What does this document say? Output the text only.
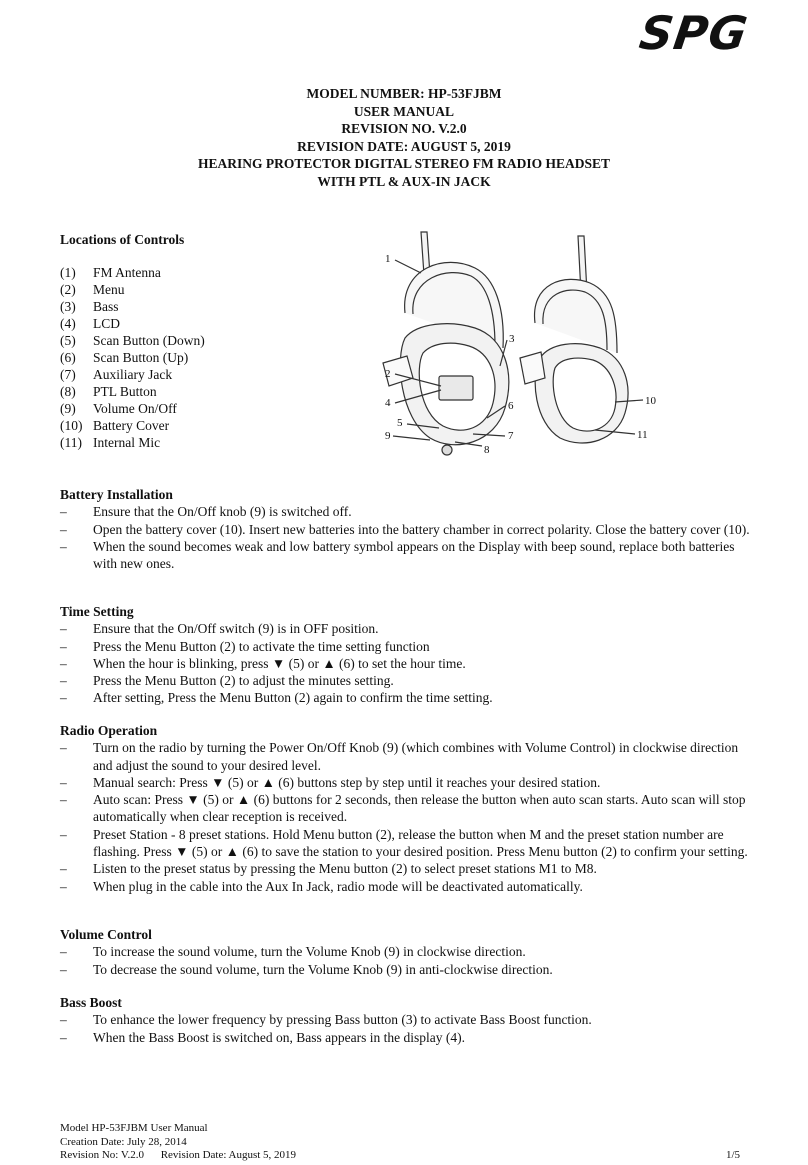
SPG
MODEL NUMBER: HP-53FJBM
USER MANUAL
REVISION NO. V.2.0
REVISION DATE: AUGUST 5, 2019
HEARING PROTECTOR DIGITAL STEREO FM RADIO HEADSET
WITH PTL & AUX-IN JACK
Locations of Controls
(1)	FM Antenna
(2)	Menu
(3)	Bass
(4)	LCD
(5)	Scan Button (Down)
(6)	Scan Button (Up)
(7)	Auxiliary Jack
(8)	PTL Button
(9)	Volume On/Off
(10) Battery Cover
(11) Internal Mic
1
2
3
4
5
6
7
8
9
10
11
Battery Installation
–	Ensure that the On/Off knob (9) is switched off.
–	Open the battery cover (10). Insert new batteries into the battery chamber in correct polarity. Close the battery cover (10).
–	When the sound becomes weak and low battery symbol appears on the Display with beep sound, replace both batteries with new ones.
Time Setting
–	Ensure that the On/Off switch (9) is in OFF position.
–	Press the Menu Button (2) to activate the time setting function
–	When the hour is blinking, press ▼ (5) or ▲ (6) to set the hour time.
–	Press the Menu Button (2) to adjust the minutes setting.
–	After setting, Press the Menu Button (2) again to confirm the time setting.
Radio Operation
–	Turn on the radio by turning the Power On/Off Knob (9) (which combines with Volume Control) in clockwise direction and adjust the sound to your desired level.
–	Manual search: Press ▼ (5) or ▲ (6) buttons step by step until it reaches your desired station.
–	Auto scan: Press ▼ (5) or ▲ (6) buttons for 2 seconds, then release the button when auto scan starts. Auto scan will stop automatically when clear reception is received.
–	Preset Station - 8 preset stations. Hold Menu button (2), release the button when M and the preset station number are flashing. Press ▼ (5) or ▲ (6) to save the station to your desired position. Press Menu button (2) to confirm your setting.
–	Listen to the preset status by pressing the Menu button (2) to select preset stations M1 to M8.
–	When plug in the cable into the Aux In Jack, radio mode will be deactivated automatically.
Volume Control
–	To increase the sound volume, turn the Volume Knob (9) in clockwise direction.
–	To decrease the sound volume, turn the Volume Knob (9) in anti-clockwise direction.
Bass Boost
–	To enhance the lower frequency by pressing Bass button (3) to activate Bass Boost function.
–	When the Bass Boost is switched on, Bass appears in the display (4).
Model HP-53FJBM User Manual
Creation Date: July 28, 2014
Revision No: V.2.0 Revision Date: August 5, 2019	1/5
